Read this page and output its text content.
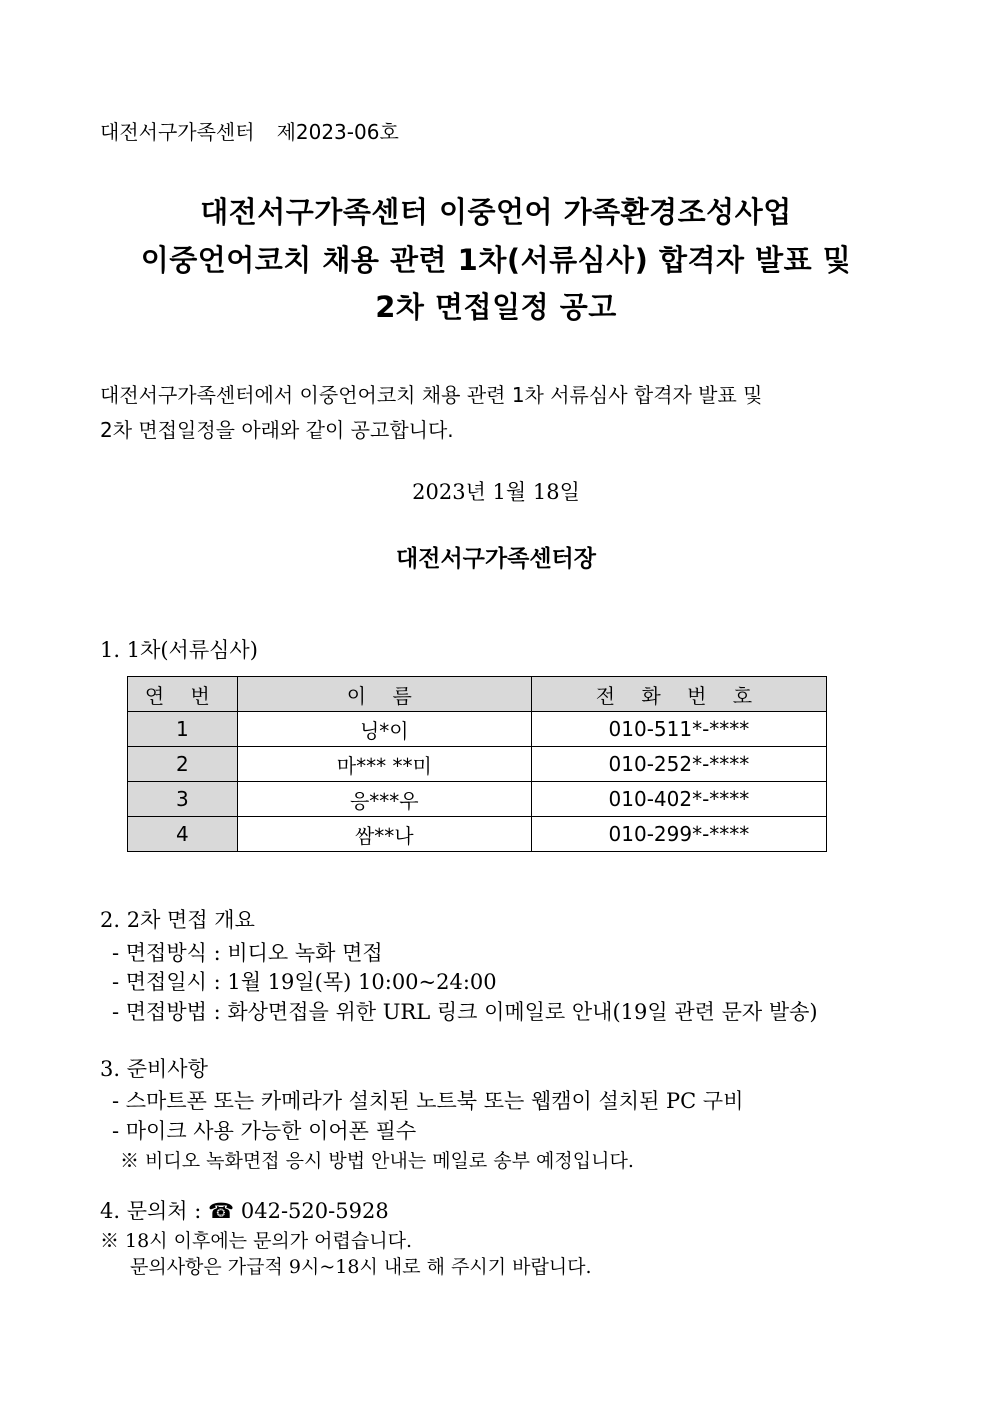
대전서구가족센터 제2023-06호
대전서구가족센터 이중언어 가족환경조성사업
이중언어코치 채용 관련 1차(서류심사) 합격자 발표 및
2차 면접일정 공고
대전서구가족센터에서 이중언어코치 채용 관련 1차 서류심사 합격자 발표 및
2차 면접일정을 아래와 같이 공고합니다.
2023년 1월 18일
대전서구가족센터장
1. 1차(서류심사)
연 번	이 름	전 화 번 호
1	닝*이	010-511*-****
2	마*** **미	010-252*-****
3	응***우	010-402*-****
4	쌈**나	010-299*-****
2. 2차 면접 개요
- 면접방식 : 비디오 녹화 면접
- 면접일시 : 1월 19일(목) 10:00~24:00
- 면접방법 : 화상면접을 위한 URL 링크 이메일로 안내(19일 관련 문자 발송)
3. 준비사항
- 스마트폰 또는 카메라가 설치된 노트북 또는 웹캠이 설치된 PC 구비
- 마이크 사용 가능한 이어폰 필수
※ 비디오 녹화면접 응시 방법 안내는 메일로 송부 예정입니다.
4. 문의처 : ☎ 042-520-5928
※ 18시 이후에는 문의가 어렵습니다.
문의사항은 가급적 9시~18시 내로 해 주시기 바랍니다.
